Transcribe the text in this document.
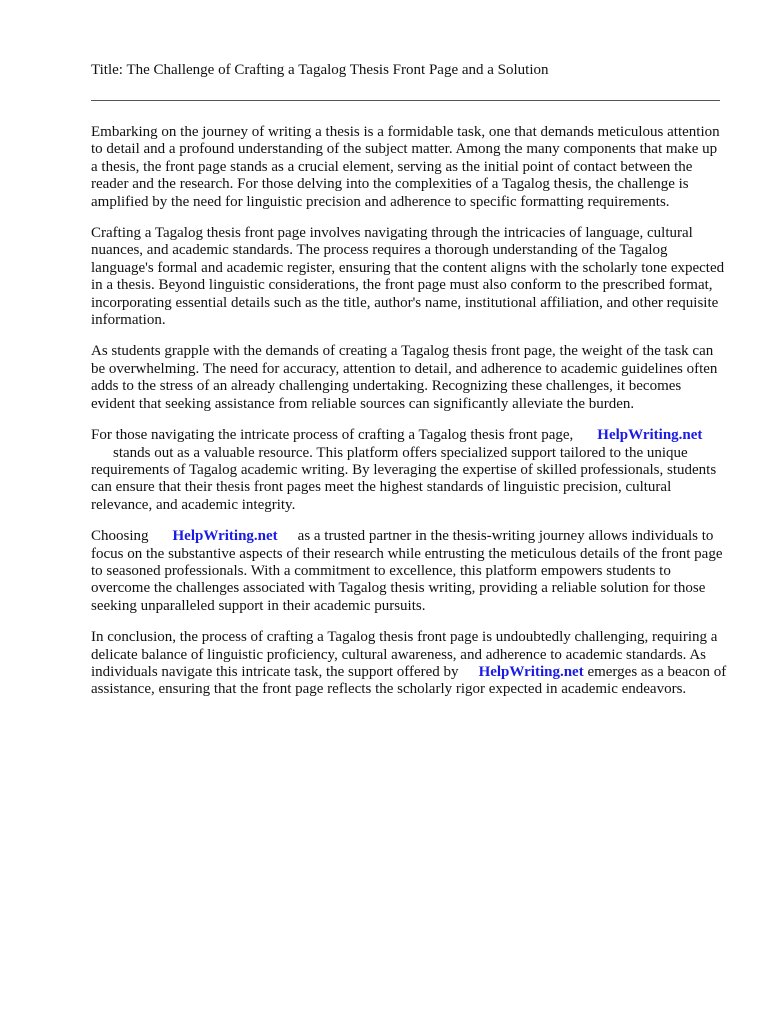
Title: The Challenge of Crafting a Tagalog Thesis Front Page and a Solution

Embarking on the journey of writing a thesis is a formidable task, one that demands meticulous attention to detail and a profound understanding of the subject matter. Among the many components that make up a thesis, the front page stands as a crucial element, serving as the initial point of contact between the reader and the research. For those delving into the complexities of a Tagalog thesis, the challenge is amplified by the need for linguistic precision and adherence to specific formatting requirements.

Crafting a Tagalog thesis front page involves navigating through the intricacies of language, cultural nuances, and academic standards. The process requires a thorough understanding of the Tagalog language's formal and academic register, ensuring that the content aligns with the scholarly tone expected in a thesis. Beyond linguistic considerations, the front page must also conform to the prescribed format, incorporating essential details such as the title, author's name, institutional affiliation, and other requisite information.

As students grapple with the demands of creating a Tagalog thesis front page, the weight of the task can be overwhelming. The need for accuracy, attention to detail, and adherence to academic guidelines often adds to the stress of an already challenging undertaking. Recognizing these challenges, it becomes evident that seeking assistance from reliable sources can significantly alleviate the burden.

For those navigating the intricate process of crafting a Tagalog thesis front page, HelpWriting.net
stands out as a valuable resource. This platform offers specialized support tailored to the unique requirements of Tagalog academic writing. By leveraging the expertise of skilled professionals, students can ensure that their thesis front pages meet the highest standards of linguistic precision, cultural relevance, and academic integrity.

Choosing HelpWriting.net as a trusted partner in the thesis-writing journey allows individuals to focus on the substantive aspects of their research while entrusting the meticulous details of the front page to seasoned professionals. With a commitment to excellence, this platform empowers students to overcome the challenges associated with Tagalog thesis writing, providing a reliable solution for those seeking unparalleled support in their academic pursuits.

In conclusion, the process of crafting a Tagalog thesis front page is undoubtedly challenging, requiring a delicate balance of linguistic proficiency, cultural awareness, and adherence to academic standards. As individuals navigate this intricate task, the support offered by HelpWriting.net emerges as a beacon of assistance, ensuring that the front page reflects the scholarly rigor expected in academic endeavors.
